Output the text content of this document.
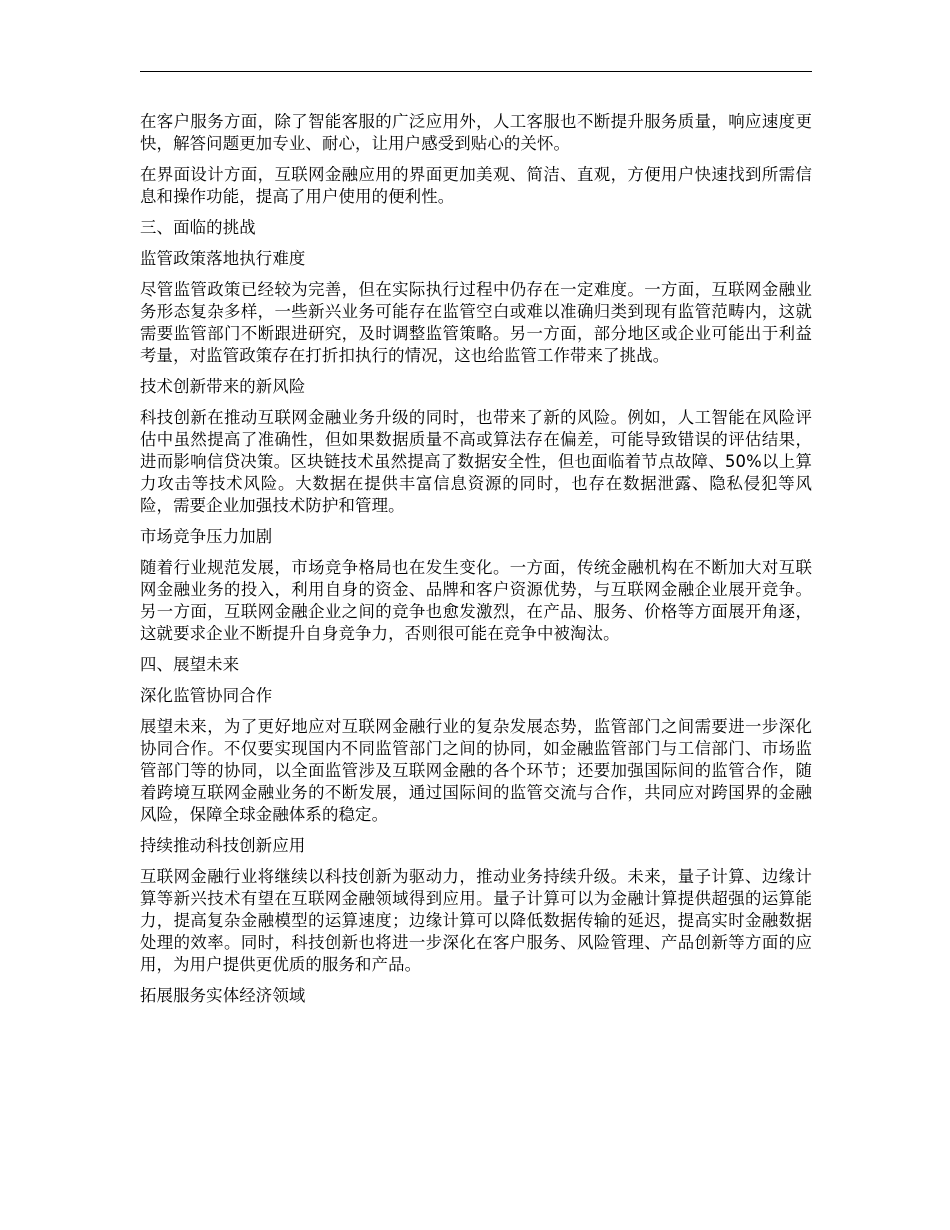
在客户服务方面，除了智能客服的广泛应用外，人工客服也不断提升服务质量，响应速度更快，解答问题更加专业、耐心，让用户感受到贴心的关怀。

在界面设计方面，互联网金融应用的界面更加美观、简洁、直观，方便用户快速找到所需信息和操作功能，提高了用户使用的便利性。

三、面临的挑战

监管政策落地执行难度

尽管监管政策已经较为完善，但在实际执行过程中仍存在一定难度。一方面，互联网金融业务形态复杂多样，一些新兴业务可能存在监管空白或难以准确归类到现有监管范畴内，这就需要监管部门不断跟进研究，及时调整监管策略。另一方面，部分地区或企业可能出于利益考量，对监管政策存在打折扣执行的情况，这也给监管工作带来了挑战。

技术创新带来的新风险

科技创新在推动互联网金融业务升级的同时，也带来了新的风险。例如，人工智能在风险评估中虽然提高了准确性，但如果数据质量不高或算法存在偏差，可能导致错误的评估结果，进而影响信贷决策。区块链技术虽然提高了数据安全性，但也面临着节点故障、50%以上算力攻击等技术风险。大数据在提供丰富信息资源的同时，也存在数据泄露、隐私侵犯等风险，需要企业加强技术防护和管理。

市场竞争压力加剧

随着行业规范发展，市场竞争格局也在发生变化。一方面，传统金融机构在不断加大对互联网金融业务的投入，利用自身的资金、品牌和客户资源优势，与互联网金融企业展开竞争。另一方面，互联网金融企业之间的竞争也愈发激烈，在产品、服务、价格等方面展开角逐，这就要求企业不断提升自身竞争力，否则很可能在竞争中被淘汰。

四、展望未来

深化监管协同合作

展望未来，为了更好地应对互联网金融行业的复杂发展态势，监管部门之间需要进一步深化协同合作。不仅要实现国内不同监管部门之间的协同，如金融监管部门与工信部门、市场监管部门等的协同，以全面监管涉及互联网金融的各个环节；还要加强国际间的监管合作，随着跨境互联网金融业务的不断发展，通过国际间的监管交流与合作，共同应对跨国界的金融风险，保障全球金融体系的稳定。

持续推动科技创新应用

互联网金融行业将继续以科技创新为驱动力，推动业务持续升级。未来，量子计算、边缘计算等新兴技术有望在互联网金融领域得到应用。量子计算可以为金融计算提供超强的运算能力，提高复杂金融模型的运算速度；边缘计算可以降低数据传输的延迟，提高实时金融数据处理的效率。同时，科技创新也将进一步深化在客户服务、风险管理、产品创新等方面的应用，为用户提供更优质的服务和产品。

拓展服务实体经济领域
